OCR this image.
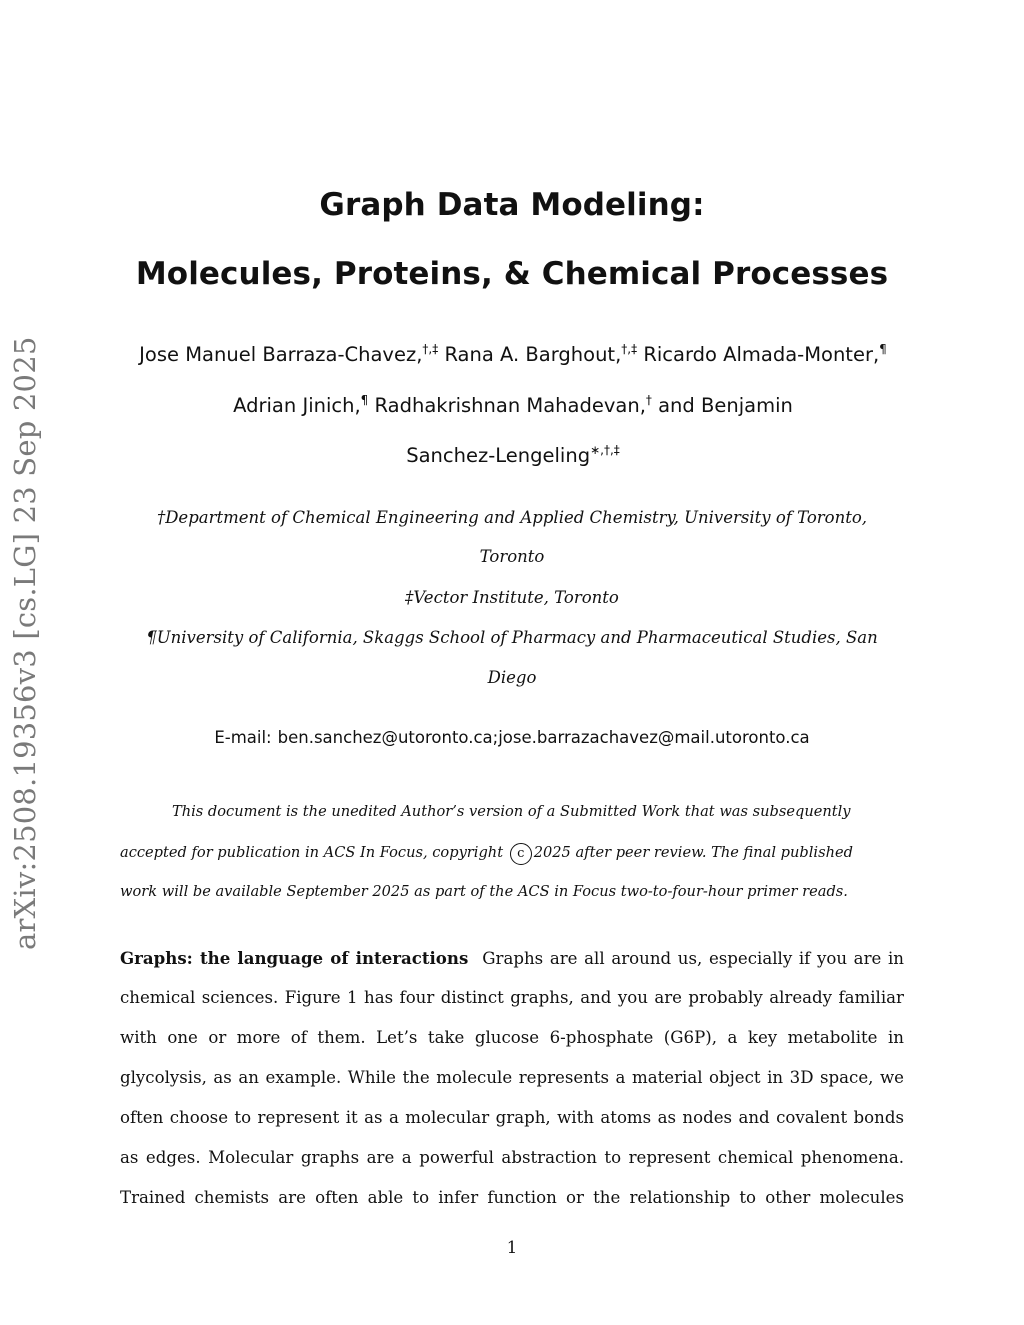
arXiv:2508.19356v3 [cs.LG] 23 Sep 2025
Graph Data Modeling:
Molecules, Proteins, & Chemical Processes
Jose Manuel Barraza-Chavez,†,‡ Rana A. Barghout,†,‡ Ricardo Almada-Monter,¶
Adrian Jinich,¶ Radhakrishnan Mahadevan,† and Benjamin
Sanchez-Lengeling∗,†,‡
†Department of Chemical Engineering and Applied Chemistry, University of Toronto,
Toronto
‡Vector Institute, Toronto
¶University of California, Skaggs School of Pharmacy and Pharmaceutical Studies, San
Diego
E-mail: ben.sanchez@utoronto.ca;jose.barrazachavez@mail.utoronto.ca
This document is the unedited Author’s version of a Submitted Work that was subsequently
accepted for publication in ACS In Focus, copyright c 2025 after peer review. The final published
work will be available September 2025 as part of the ACS in Focus two-to-four-hour primer reads.
Graphs: the language of interactions Graphs are all around us, especially if you are in
chemical sciences. Figure 1 has four distinct graphs, and you are probably already familiar
with one or more of them. Let’s take glucose 6-phosphate (G6P), a key metabolite in
glycolysis, as an example. While the molecule represents a material object in 3D space, we
often choose to represent it as a molecular graph, with atoms as nodes and covalent bonds
as edges. Molecular graphs are a powerful abstraction to represent chemical phenomena.
Trained chemists are often able to infer function or the relationship to other molecules
1
